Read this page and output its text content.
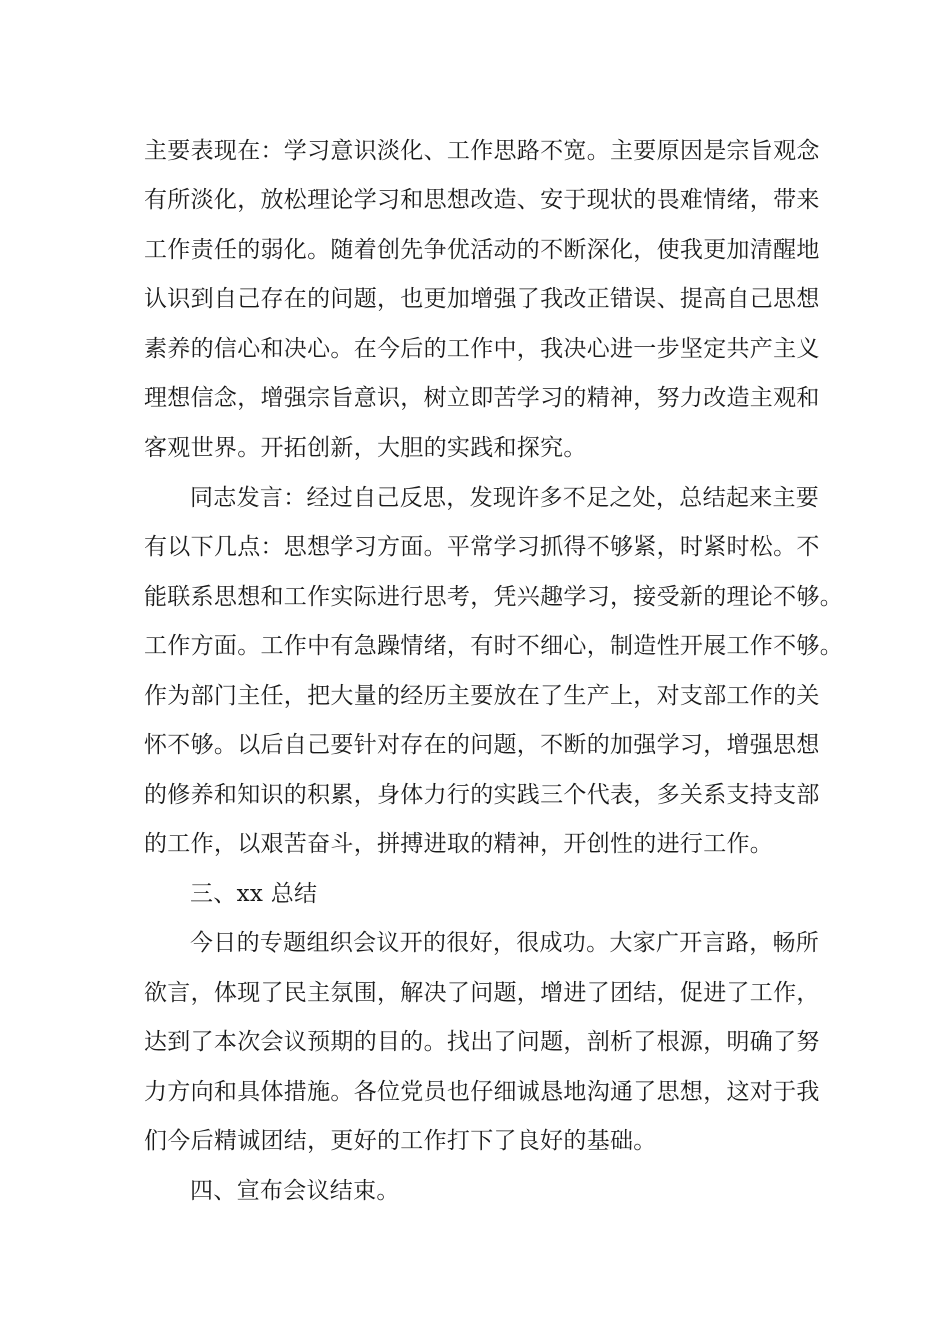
主要表现在：学习意识淡化、工作思路不宽。主要原因是宗旨观念
有所淡化，放松理论学习和思想改造、安于现状的畏难情绪，带来
工作责任的弱化。随着创先争优活动的不断深化，使我更加清醒地
认识到自己存在的问题，也更加增强了我改正错误、提高自己思想
素养的信心和决心。在今后的工作中，我决心进一步坚定共产主义
理想信念，增强宗旨意识，树立即苦学习的精神，努力改造主观和
客观世界。开拓创新，大胆的实践和探究。
同志发言：经过自己反思，发现许多不足之处，总结起来主要
有以下几点：思想学习方面。平常学习抓得不够紧，时紧时松。不
能联系思想和工作实际进行思考，凭兴趣学习，接受新的理论不够。
工作方面。工作中有急躁情绪，有时不细心，制造性开展工作不够。
作为部门主任，把大量的经历主要放在了生产上，对支部工作的关
怀不够。以后自己要针对存在的问题，不断的加强学习，增强思想
的修养和知识的积累，身体力行的实践三个代表，多关系支持支部
的工作，以艰苦奋斗，拼搏进取的精神，开创性的进行工作。
三、xx 总结
今日的专题组织会议开的很好，很成功。大家广开言路，畅所
欲言，体现了民主氛围，解决了问题，增进了团结，促进了工作，
达到了本次会议预期的目的。找出了问题，剖析了根源，明确了努
力方向和具体措施。各位党员也仔细诚恳地沟通了思想，这对于我
们今后精诚团结，更好的工作打下了良好的基础。
四、宣布会议结束。
